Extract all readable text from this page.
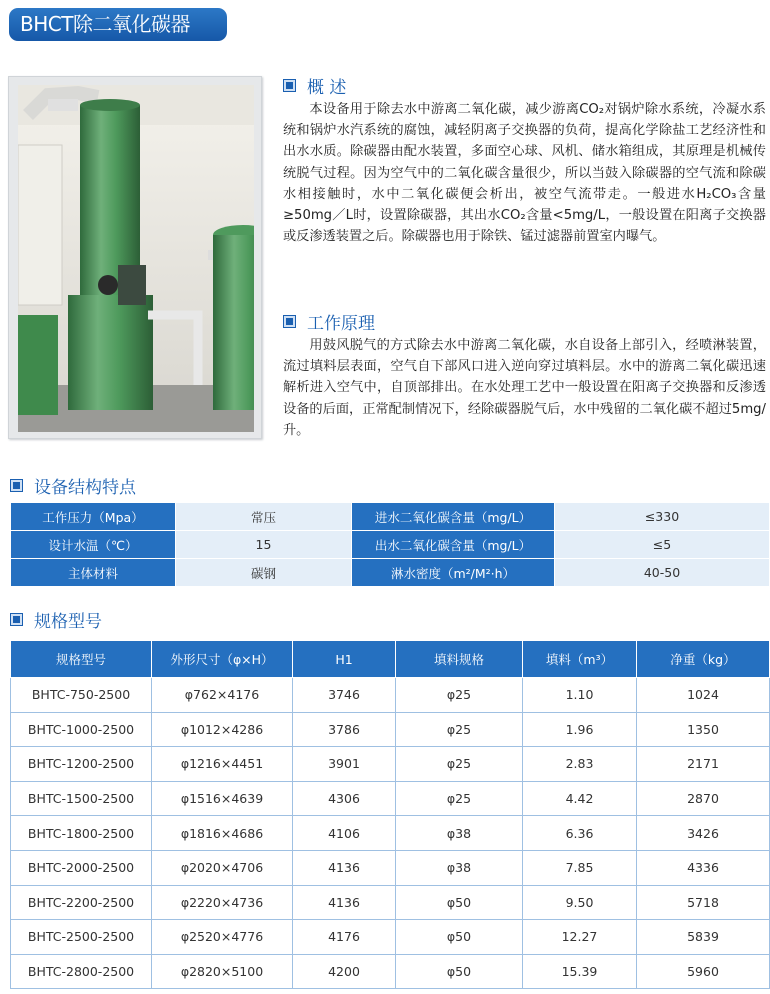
BHCT除二氧化碳器
概 述

本设备用于除去水中游离二氧化碳，减少游离CO₂对锅炉除水系统，冷凝水系统和锅炉水汽系统的腐蚀，减轻阴离子交换器的负荷，提高化学除盐工艺经济性和出水水质。除碳器由配水装置，多面空心球、风机、储水箱组成，其原理是机械传统脱气过程。因为空气中的二氧化碳含量很少，所以当鼓入除碳器的空气流和除碳水相接触时，水中二氧化碳便会析出，被空气流带走。一般进水H₂CO₃含量≥50mg／L时，设置除碳器，其出水CO₂含量<5mg/L，一般设置在阳离子交换器或反渗透装置之后。除碳器也用于除铁、锰过滤器前置室内曝气。

工作原理

用鼓风脱气的方式除去水中游离二氧化碳，水自设备上部引入，经喷淋装置，流过填料层表面，空气自下部风口进入逆向穿过填料层。水中的游离二氧化碳迅速解析进入空气中，自顶部排出。在水处理工艺中一般设置在阳离子交换器和反渗透设备的后面，正常配制情况下，经除碳器脱气后，水中残留的二氧化碳不超过5mg/升。

设备结构特点
工作压力（Mpa）	常压	进水二氧化碳含量（mg/L）	≤330
设计水温（℃）	15	出水二氧化碳含量（mg/L）	≤5
主体材料	碳钢	淋水密度（m²/M²·h）	40-50
规格型号
规格型号	外形尺寸（φ×H）	H1	填料规格	填料（m³）	净重（kg）
BHTC-750-2500	φ762×4176	3746	φ25	1.10	1024
BHTC-1000-2500	φ1012×4286	3786	φ25	1.96	1350
BHTC-1200-2500	φ1216×4451	3901	φ25	2.83	2171
BHTC-1500-2500	φ1516×4639	4306	φ25	4.42	2870
BHTC-1800-2500	φ1816×4686	4106	φ38	6.36	3426
BHTC-2000-2500	φ2020×4706	4136	φ38	7.85	4336
BHTC-2200-2500	φ2220×4736	4136	φ50	9.50	5718
BHTC-2500-2500	φ2520×4776	4176	φ50	12.27	5839
BHTC-2800-2500	φ2820×5100	4200	φ50	15.39	5960
